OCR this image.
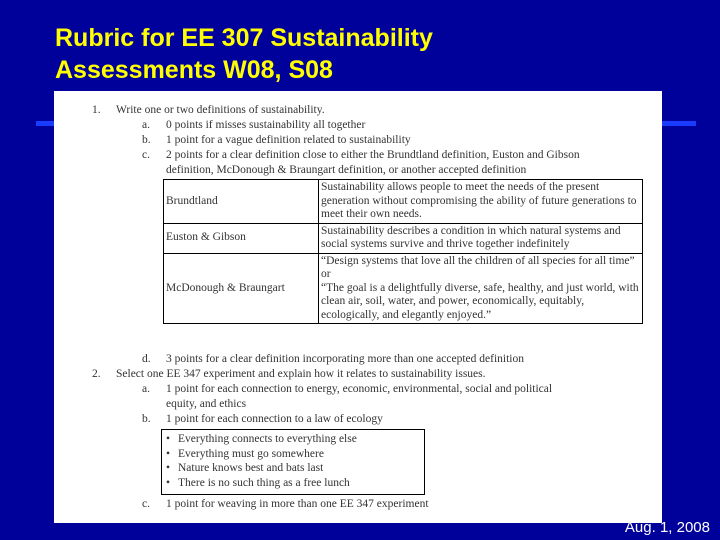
Rubric for EE 307 Sustainability
Assessments W08, S08
1. Write one or two definitions of sustainability.
a. 0 points if misses sustainability all together
b. 1 point for a vague definition related to sustainability
c. 2 points for a clear definition close to either the Brundtland definition, Euston and Gibson
definition, McDonough & Braungart definition, or another accepted definition
Brundtland	Sustainability allows people to meet the needs of the present generation without compromising the ability of future generations to meet their own needs.
Euston & Gibson	Sustainability describes a condition in which natural systems and social systems survive and thrive together indefinitely
McDonough & Braungart	“Design systems that love all the children of all species for all time” or
“The goal is a delightfully diverse, safe, healthy, and just world, with clean air, soil, water, and power, economically, equitably, ecologically, and elegantly enjoyed.”
d. 3 points for a clear definition incorporating more than one accepted definition
2. Select one EE 347 experiment and explain how it relates to sustainability issues.
a. 1 point for each connection to energy, economic, environmental, social and political
equity, and ethics
b. 1 point for each connection to a law of ecology
• Everything connects to everything else
• Everything must go somewhere
• Nature knows best and bats last
• There is no such thing as a free lunch
c. 1 point for weaving in more than one EE 347 experiment
Aug. 1, 2008
